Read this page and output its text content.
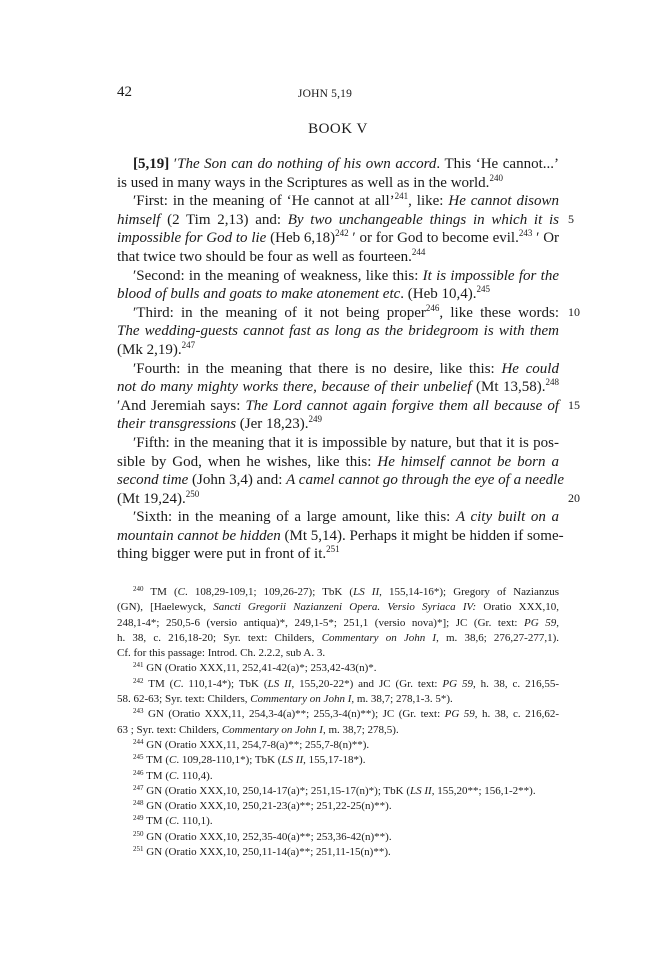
42	JOHN 5,19
BOOK V
[5,19] ʹThe Son can do nothing of his own accord. This ‘He cannot...’
is used in many ways in the Scriptures as well as in the world.$^{240}$
ʹFirst: in the meaning of ‘He cannot at all’$^{241}$, like: He cannot disown
himself (2 Tim 2,13) and: By two unchangeable things in which it is
impossible for God to lie (Heb 6,18)$^{242}$ ʹ or for God to become evil.$^{243}$ ʹ Or
that twice two should be four as well as fourteen.$^{244}$
ʹSecond: in the meaning of weakness, like this: It is impossible for the
blood of bulls and goats to make atonement etc. (Heb 10,4).$^{245}$
ʹThird: in the meaning of it not being proper$^{246}$, like these words:
The wedding-guests cannot fast as long as the bridegroom is with them
(Mk 2,19).$^{247}$
ʹFourth: in the meaning that there is no desire, like this: He could
not do many mighty works there, because of their unbelief (Mt 13,58).$^{248}$
ʹAnd Jeremiah says: The Lord cannot again forgive them all because of
their transgressions (Jer 18,23).$^{249}$
ʹFifth: in the meaning that it is impossible by nature, but that it is pos-
sible by God, when he wishes, like this: He himself cannot be born a
second time (John 3,4) and: A camel cannot go through the eye of a needle
(Mt 19,24).$^{250}$
ʹSixth: in the meaning of a large amount, like this: A city built on a
mountain cannot be hidden (Mt 5,14). Perhaps it might be hidden if some-
thing bigger were put in front of it.$^{251}$
5
10
15
20
$^{240}$ TM (C. 108,29-109,1; 109,26-27); TbK (LS II, 155,14-16*); Gregory of Nazianzus
(GN), [Haelewyck, Sancti Gregorii Nazianzeni Opera. Versio Syriaca IV: Oratio XXX,10,
248,1-4*; 250,5-6 (versio antiqua)*, 249,1-5*; 251,1 (versio nova)*]; JC (Gr. text: PG 59,
h. 38, c. 216,18-20; Syr. text: Childers, Commentary on John I, m. 38,6; 276,27-277,1).
Cf. for this passage: Introd. Ch. 2.2.2, sub A. 3.
$^{241}$ GN (Oratio XXX,11, 252,41-42(a)*; 253,42-43(n)*.
$^{242}$ TM (C. 110,1-4*); TbK (LS II, 155,20-22*) and JC (Gr. text: PG 59, h. 38, c. 216,55-
58. 62-63; Syr. text: Childers, Commentary on John I, m. 38,7; 278,1-3. 5*).
$^{243}$ GN (Oratio XXX,11, 254,3-4(a)**; 255,3-4(n)**); JC (Gr. text: PG 59, h. 38, c. 216,62-
63 ; Syr. text: Childers, Commentary on John I, m. 38,7; 278,5).
$^{244}$ GN (Oratio XXX,11, 254,7-8(a)**; 255,7-8(n)**).
$^{245}$ TM (C. 109,28-110,1*); TbK (LS II, 155,17-18*).
$^{246}$ TM (C. 110,4).
$^{247}$ GN (Oratio XXX,10, 250,14-17(a)*; 251,15-17(n)*); TbK (LS II, 155,20**; 156,1-2**).
$^{248}$ GN (Oratio XXX,10, 250,21-23(a)**; 251,22-25(n)**).
$^{249}$ TM (C. 110,1).
$^{250}$ GN (Oratio XXX,10, 252,35-40(a)**; 253,36-42(n)**).
$^{251}$ GN (Oratio XXX,10, 250,11-14(a)**; 251,11-15(n)**).
